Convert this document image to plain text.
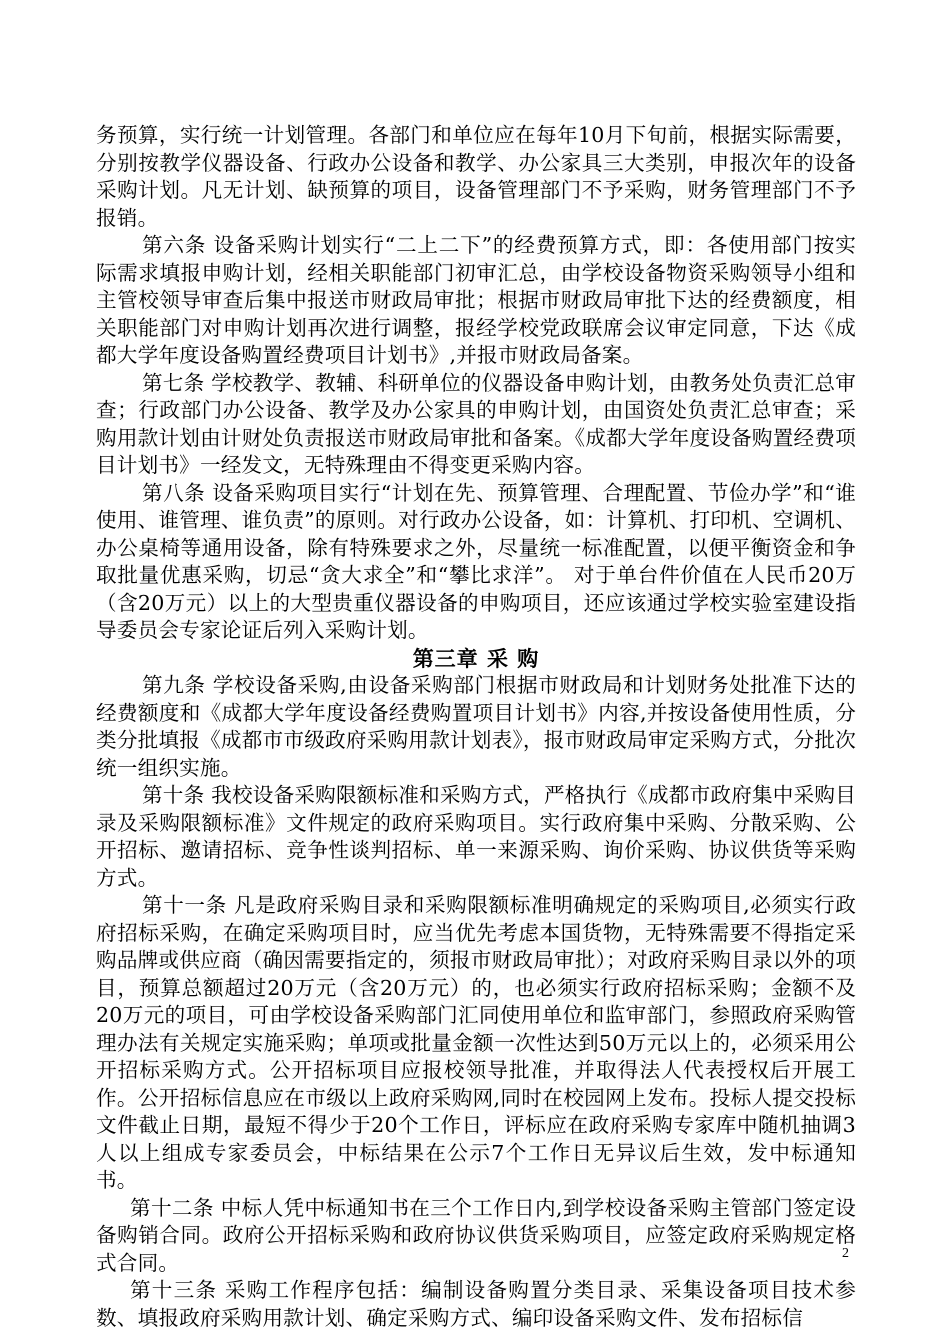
务预算，实行统一计划管理。各部门和单位应在每年10月下旬前，根据实际需要，分别按教学仪器设备、行政办公设备和教学、办公家具三大类别，申报次年的设备采购计划。凡无计划、缺预算的项目，设备管理部门不予采购，财务管理部门不予报销。

第六条 设备采购计划实行“二上二下”的经费预算方式，即：各使用部门按实际需求填报申购计划，经相关职能部门初审汇总，由学校设备物资采购领导小组和主管校领导审查后集中报送市财政局审批；根据市财政局审批下达的经费额度，相关职能部门对申购计划再次进行调整，报经学校党政联席会议审定同意，下达《成都大学年度设备购置经费项目计划书》,并报市财政局备案。

第七条 学校教学、教辅、科研单位的仪器设备申购计划，由教务处负责汇总审查；行政部门办公设备、教学及办公家具的申购计划，由国资处负责汇总审查；采购用款计划由计财处负责报送市财政局审批和备案。《成都大学年度设备购置经费项目计划书》一经发文，无特殊理由不得变更采购内容。

第八条 设备采购项目实行“计划在先、预算管理、合理配置、节俭办学”和“谁使用、谁管理、谁负责”的原则。对行政办公设备，如：计算机、打印机、空调机、办公桌椅等通用设备，除有特殊要求之外，尽量统一标准配置，以便平衡资金和争取批量优惠采购，切忌“贪大求全”和“攀比求洋”。 对于单台件价值在人民币20万（含20万元）以上的大型贵重仪器设备的申购项目，还应该通过学校实验室建设指导委员会专家论证后列入采购计划。

第三章 采 购

第九条 学校设备采购,由设备采购部门根据市财政局和计划财务处批准下达的经费额度和《成都大学年度设备经费购置项目计划书》内容,并按设备使用性质，分类分批填报《成都市市级政府采购用款计划表》，报市财政局审定采购方式，分批次统一组织实施。

第十条 我校设备采购限额标准和采购方式，严格执行《成都市政府集中采购目录及采购限额标准》文件规定的政府采购项目。实行政府集中采购、分散采购、公开招标、邀请招标、竞争性谈判招标、单一来源采购、询价采购、协议供货等采购方式。

第十一条 凡是政府采购目录和采购限额标准明确规定的采购项目,必须实行政府招标采购，在确定采购项目时，应当优先考虑本国货物，无特殊需要不得指定采购品牌或供应商（确因需要指定的，须报市财政局审批）；对政府采购目录以外的项目，预算总额超过20万元（含20万元）的，也必须实行政府招标采购；金额不及20万元的项目，可由学校设备采购部门汇同使用单位和监审部门，参照政府采购管理办法有关规定实施采购；单项或批量金额一次性达到50万元以上的，必须采用公开招标采购方式。公开招标项目应报校领导批准，并取得法人代表授权后开展工作。公开招标信息应在市级以上政府采购网,同时在校园网上发布。投标人提交投标文件截止日期，最短不得少于20个工作日，评标应在政府采购专家库中随机抽调3人以上组成专家委员会，中标结果在公示7个工作日无异议后生效，发中标通知书。

第十二条 中标人凭中标通知书在三个工作日内,到学校设备采购主管部门签定设备购销合同。政府公开招标采购和政府协议供货采购项目，应签定政府采购规定格式合同。

第十三条 采购工作程序包括：编制设备购置分类目录、采集设备项目技术参数、填报政府采购用款计划、确定采购方式、编印设备采购文件、发布招标信

2
